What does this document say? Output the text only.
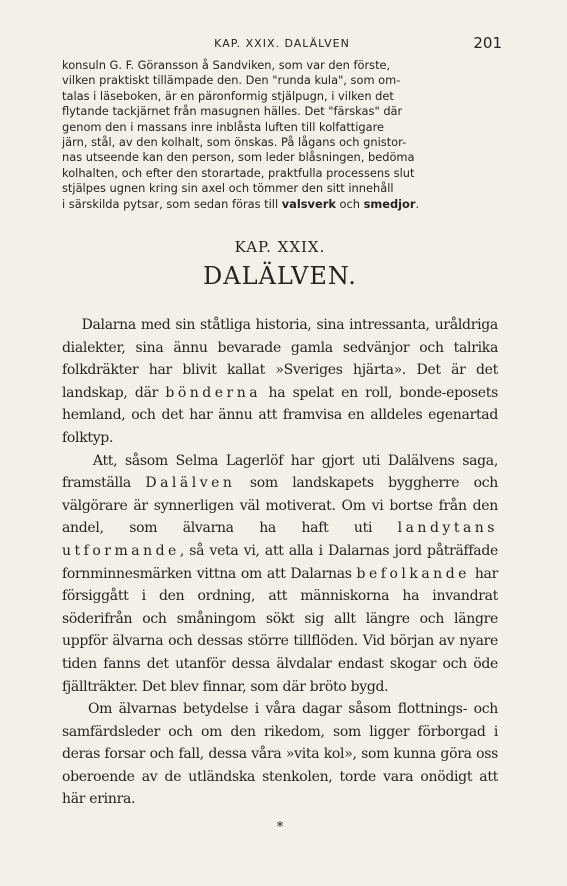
KAP. XXIX. DALÄLVEN	201

konsuln G. F. Göransson å Sandviken, som var den förste,

vilken praktiskt tillämpade den. Den "runda kula", som om-

talas i läseboken, är en päronformig stjälpugn, i vilken det

flytande tackjärnet från masugnen hälles. Det "färskas" där

genom den i massans inre inblåsta luften till kolfattigare

järn, stål, av den kolhalt, som önskas. På lågans och gnistor-

nas utseende kan den person, som leder blåsningen, bedöma

kolhalten, och efter den storartade, praktfulla processens slut

stjälpes ugnen kring sin axel och tömmer den sitt innehåll

i särskilda pytsar, som sedan föras till valsverk och smedjor.

KAP. XXIX.
DALÄLVEN.

Dalarna med sin ståtliga historia, sina intressanta, uråldriga dialekter, sina ännu bevarade gamla sedvänjor och talrika folkdräkter har blivit kallat »Sveriges hjärta». Det är det landskap, där bönderna ha spelat en roll, bonde-eposets hemland, och det har ännu att framvisa en alldeles egenartad folktyp.

Att, såsom Selma Lagerlöf har gjort uti Dalälvens saga, framställa Dalälven som landskapets byggherre och välgörare är synnerligen väl motiverat. Om vi bortse från den andel, som älvarna ha haft uti landytans utformande, så veta vi, att alla i Dalarnas jord påträffade fornminnesmärken vittna om att Dalarnas befolkande har försiggått i den ordning, att människorna ha invandrat söderifrån och småningom sökt sig allt längre och längre uppför älvarna och dessas större tillflöden. Vid början av nyare tiden fanns det utanför dessa älvdalar endast skogar och öde fjällträkter. Det blev finnar, som där bröto bygd.

Om älvarnas betydelse i våra dagar såsom flottnings- och samfärdsleder och om den rikedom, som ligger förborgad i deras forsar och fall, dessa våra »vita kol», som kunna göra oss oberoende av de utländska stenkolen, torde vara onödigt att här erinra.

*
